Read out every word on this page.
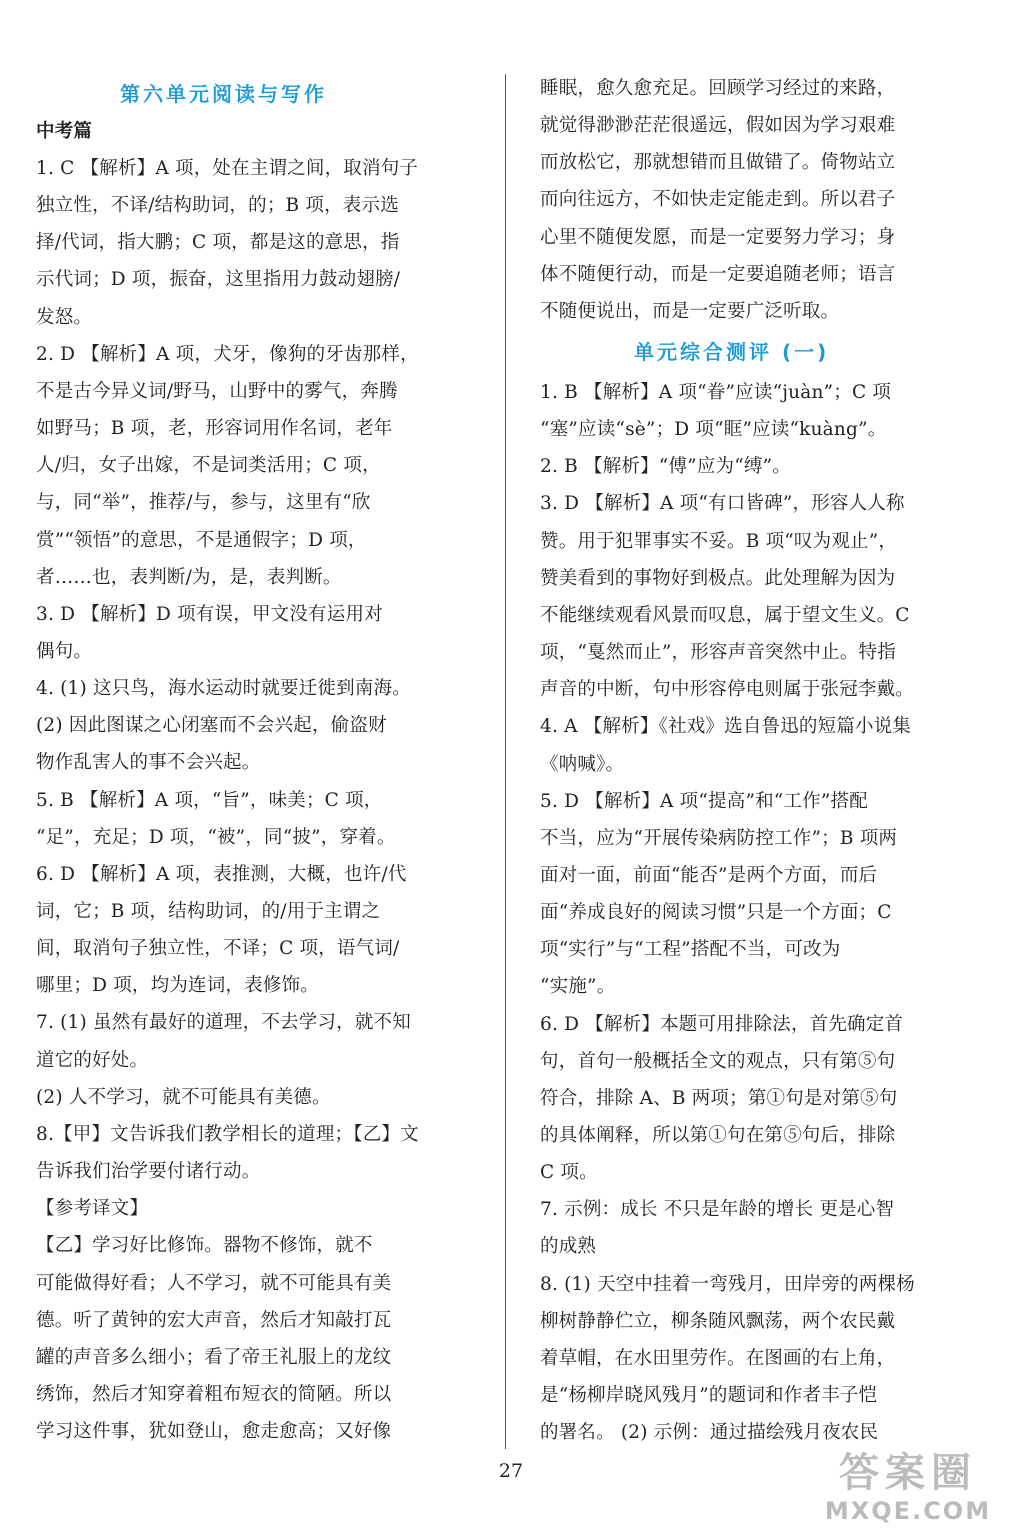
第六单元阅读与写作
中考篇
1. C 【解析】A 项，处在主谓之间，取消句子
独立性，不译/结构助词，的；B 项，表示选
择/代词，指大鹏；C 项，都是这的意思，指
示代词；D 项，振奋，这里指用力鼓动翅膀/
发怒。
2. D 【解析】A 项，犬牙，像狗的牙齿那样，
不是古今异义词/野马，山野中的雾气，奔腾
如野马；B 项，老，形容词用作名词，老年
人/归，女子出嫁，不是词类活用；C 项，
与，同“举”，推荐/与，参与，这里有“欣
赏”“领悟”的意思，不是通假字；D 项，
者……也，表判断/为，是，表判断。
3. D 【解析】D 项有误，甲文没有运用对
偶句。
4. (1) 这只鸟，海水运动时就要迁徙到南海。
(2) 因此图谋之心闭塞而不会兴起，偷盗财
物作乱害人的事不会兴起。
5. B 【解析】A 项，“旨”，味美；C 项，
“足”，充足；D 项，“被”，同“披”，穿着。
6. D 【解析】A 项，表推测，大概，也许/代
词，它；B 项，结构助词，的/用于主谓之
间，取消句子独立性，不译；C 项，语气词/
哪里；D 项，均为连词，表修饰。
7. (1) 虽然有最好的道理，不去学习，就不知
道它的好处。
(2) 人不学习，就不可能具有美德。
8.【甲】文告诉我们教学相长的道理；【乙】文
告诉我们治学要付诸行动。
【参考译文】
【乙】学习好比修饰。器物不修饰，就不
可能做得好看；人不学习，就不可能具有美
德。听了黄钟的宏大声音，然后才知敲打瓦
罐的声音多么细小；看了帝王礼服上的龙纹
绣饰，然后才知穿着粗布短衣的简陋。所以
学习这件事，犹如登山，愈走愈高；又好像
睡眠，愈久愈充足。回顾学习经过的来路，
就觉得渺渺茫茫很遥远，假如因为学习艰难
而放松它，那就想错而且做错了。倚物站立
而向往远方，不如快走定能走到。所以君子
心里不随便发愿，而是一定要努力学习；身
体不随便行动，而是一定要追随老师；语言
不随便说出，而是一定要广泛听取。
单元综合测评 (一)
1. B 【解析】A 项“眷”应读“juàn”；C 项
“塞”应读“sè”；D 项“眶”应读“kuàng”。
2. B 【解析】“傅”应为“缚”。
3. D 【解析】A 项“有口皆碑”，形容人人称
赞。用于犯罪事实不妥。B 项“叹为观止”，
赞美看到的事物好到极点。此处理解为因为
不能继续观看风景而叹息，属于望文生义。C
项，“戛然而止”，形容声音突然中止。特指
声音的中断，句中形容停电则属于张冠李戴。
4. A 【解析】《社戏》选自鲁迅的短篇小说集
《呐喊》。
5. D 【解析】A 项“提高”和“工作”搭配
不当，应为“开展传染病防控工作”；B 项两
面对一面，前面“能否”是两个方面，而后
面“养成良好的阅读习惯”只是一个方面；C
项“实行”与“工程”搭配不当，可改为
“实施”。
6. D 【解析】本题可用排除法，首先确定首
句，首句一般概括全文的观点，只有第⑤句
符合，排除 A、B 两项；第①句是对第⑤句
的具体阐释，所以第①句在第⑤句后，排除
C 项。
7. 示例：成长 不只是年龄的增长 更是心智
的成熟
8. (1) 天空中挂着一弯残月，田岸旁的两棵杨
柳树静静伫立，柳条随风飘荡，两个农民戴
着草帽，在水田里劳作。在图画的右上角，
是“杨柳岸晓风残月”的题词和作者丰子恺
的署名。 (2) 示例：通过描绘残月夜农民
27	答案圈
MXQE.COM
